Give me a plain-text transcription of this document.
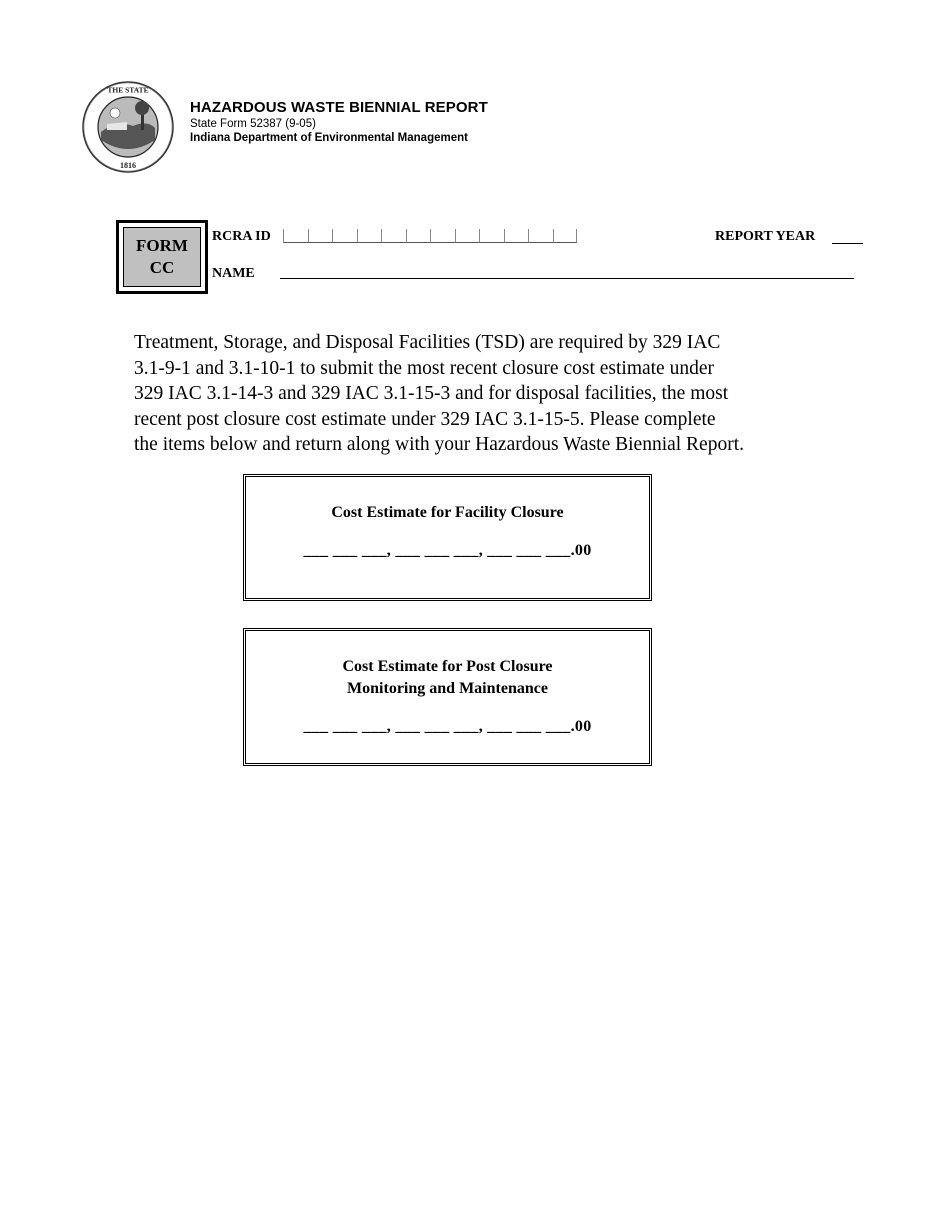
THE STATE
1816
HAZARDOUS WASTE BIENNIAL REPORT
State Form 52387 (9-05)
Indiana Department of Environmental Management
FORM
CC
RCRA ID	REPORT YEAR
NAME
Treatment, Storage, and Disposal Facilities (TSD) are required by 329 IAC
3.1-9-1 and 3.1-10-1 to submit the most recent closure cost estimate under
329 IAC 3.1-14-3 and 329 IAC 3.1-15-3 and for disposal facilities, the most
recent post closure cost estimate under 329 IAC 3.1-15-5. Please complete
the items below and return along with your Hazardous Waste Biennial Report.
Cost Estimate for Facility Closure
___ ___ ___, ___ ___ ___, ___ ___ ___.00
Cost Estimate for Post Closure
Monitoring and Maintenance
___ ___ ___, ___ ___ ___, ___ ___ ___.00
